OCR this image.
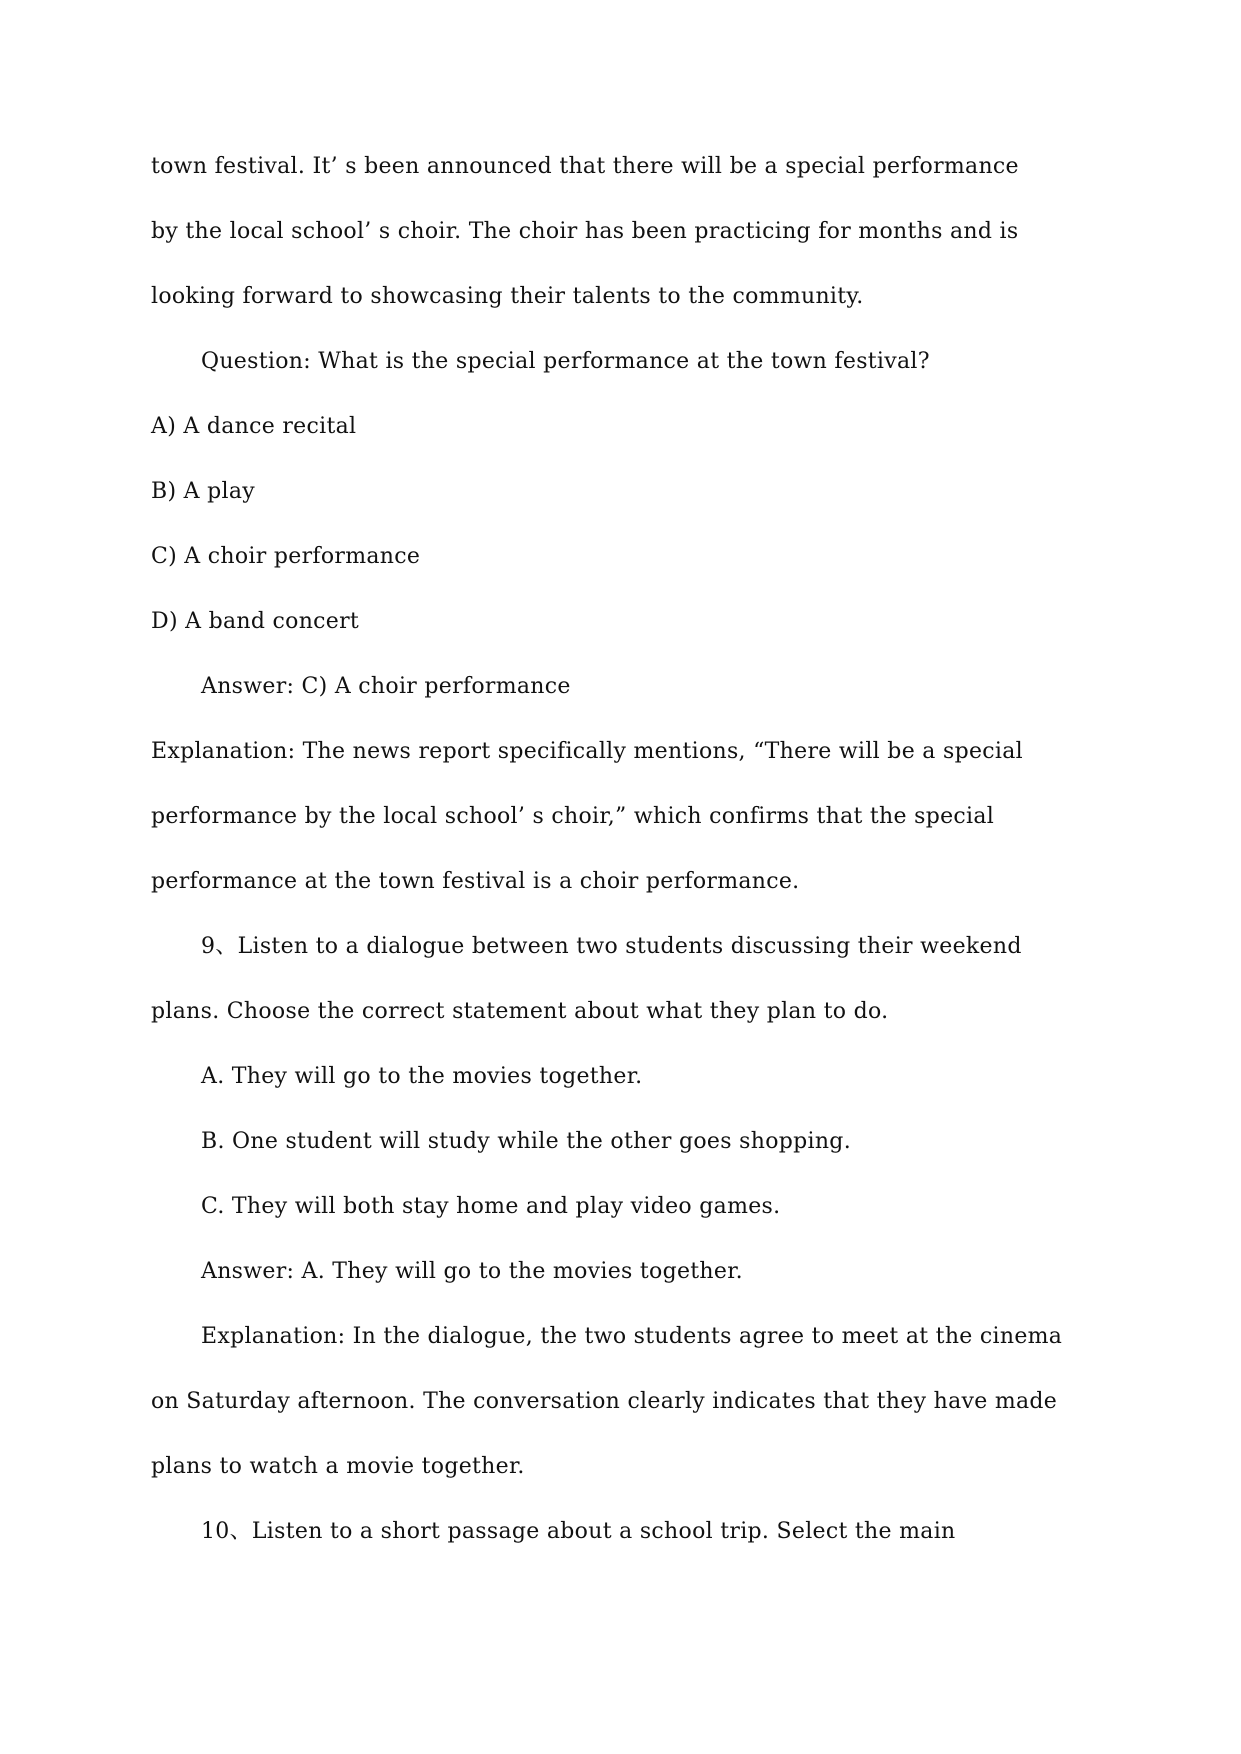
town festival. It’ s been announced that there will be a special performance
by the local school’ s choir. The choir has been practicing for months and is
looking forward to showcasing their talents to the community.
Question: What is the special performance at the town festival?
A) A dance recital
B) A play
C) A choir performance
D) A band concert
Answer: C) A choir performance
Explanation: The news report specifically mentions, “There will be a special
performance by the local school’ s choir,” which confirms that the special
performance at the town festival is a choir performance.
9、Listen to a dialogue between two students discussing their weekend
plans. Choose the correct statement about what they plan to do.
A. They will go to the movies together.
B. One student will study while the other goes shopping.
C. They will both stay home and play video games.
Answer: A. They will go to the movies together.
Explanation: In the dialogue, the two students agree to meet at the cinema
on Saturday afternoon. The conversation clearly indicates that they have made
plans to watch a movie together.
10、Listen to a short passage about a school trip. Select the main
